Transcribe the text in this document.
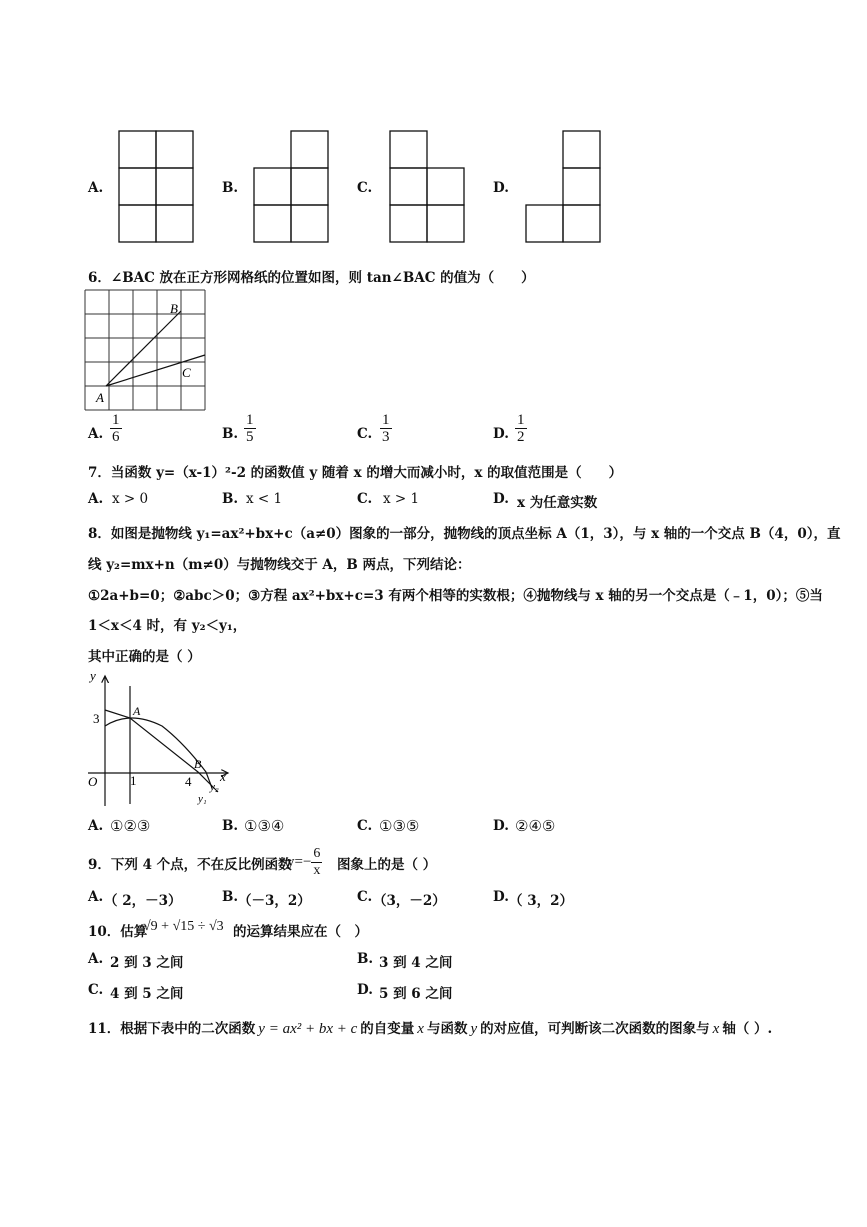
A.	B.	C.	D.
6．∠BAC 放在正方形网格纸的位置如图，则 tan∠BAC 的值为（　　）
A
B
C
A. $\frac{1}{6}$	B. $\frac{1}{5}$	C. $\frac{1}{3}$	D. $\frac{1}{2}$
7．当函数 y=（x-1）²-2 的函数值 y 随着 x 的增大而减小时，x 的取值范围是（　　）
A. x > 0	B. x < 1	C. x > 1	D. x 为任意实数
8．如图是抛物线 y₁=ax²+bx+c（a≠0）图象的一部分，抛物线的顶点坐标 A（1，3），与 x 轴的一个交点 B（4，0），直
线 y₂=mx+n（m≠0）与抛物线交于 A，B 两点，下列结论：
①2a+b=0；②abc＞0；③方程 ax²+bx+c=3 有两个相等的实数根；④抛物线与 x 轴的另一个交点是（﹣1，0）；⑤当
1＜x＜4 时，有 y₂＜y₁，
其中正确的是（ ）
y
x
O
3
1	4
A
B
y₂
y₁
A. ①②③	B. ①③④	C. ①③⑤	D. ②④⑤
9．下列 4 个点，不在反比例函数
$y=- \frac{6}{x}$ 图象上的是（ ）
A. （ 2，－3）	B. （－3，2）	C. （3，－2）	D. （ 3，2）
10．估算
√9 + √15 ÷ √3 的运算结果应在（　）
A. 2 到 3 之间	B. 3 到 4 之间
C. 4 到 5 之间	D. 5 到 6 之间
11．根据下表中的二次函数 y = ax² + bx + c 的自变量 x 与函数 y 的对应值，可判断该二次函数的图象与 x 轴（ ）.
